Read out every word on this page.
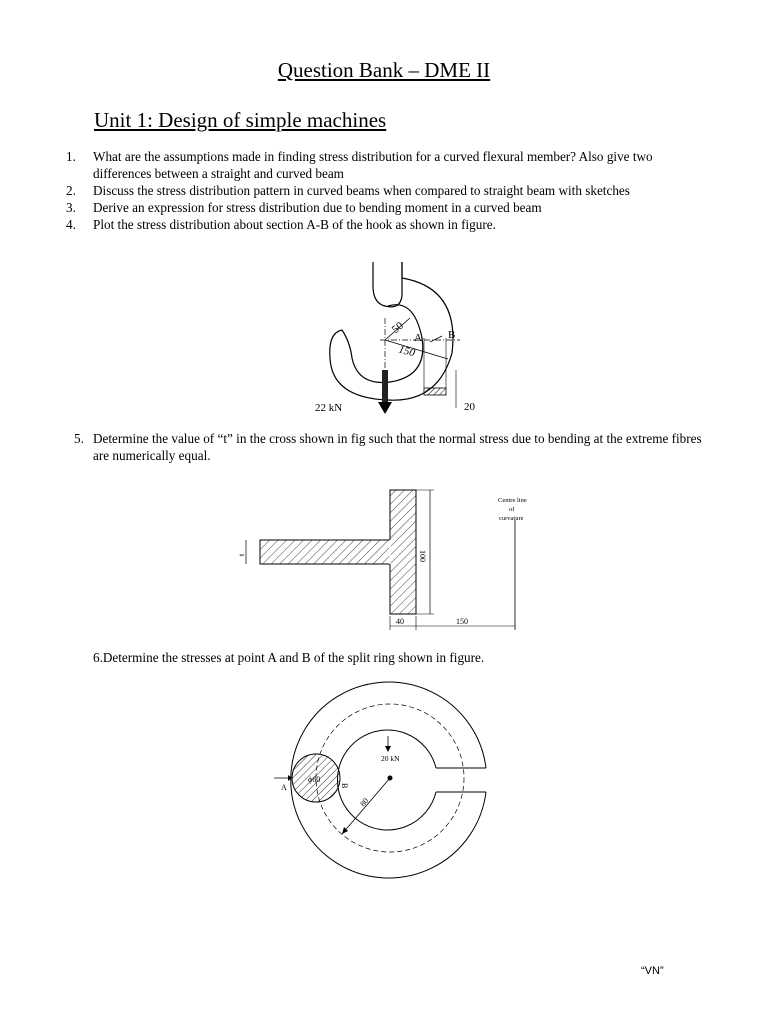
Question Bank – DME II
Unit 1: Design of simple machines
1.	What are the assumptions made in finding stress distribution for a curved flexural member? Also give two differences between a straight and curved beam
2.	Discuss the stress distribution pattern in curved beams when compared to straight beam with sketches
3.	Derive an expression for stress distribution due to bending moment in a curved beam
4.	Plot the stress distribution about section A-B of the hook as shown in figure.
50
150
A B
20
22 kN
5. Determine the value of “t” in the cross shown in fig such that the normal stress due to bending at the extreme fibres are numerically equal.
t	100
40	150
Centre line
of
curvature
6.Determine the stresses at point A and B of the split ring shown in figure.
ϕ60
A	B
80
20 kN
“VN”
